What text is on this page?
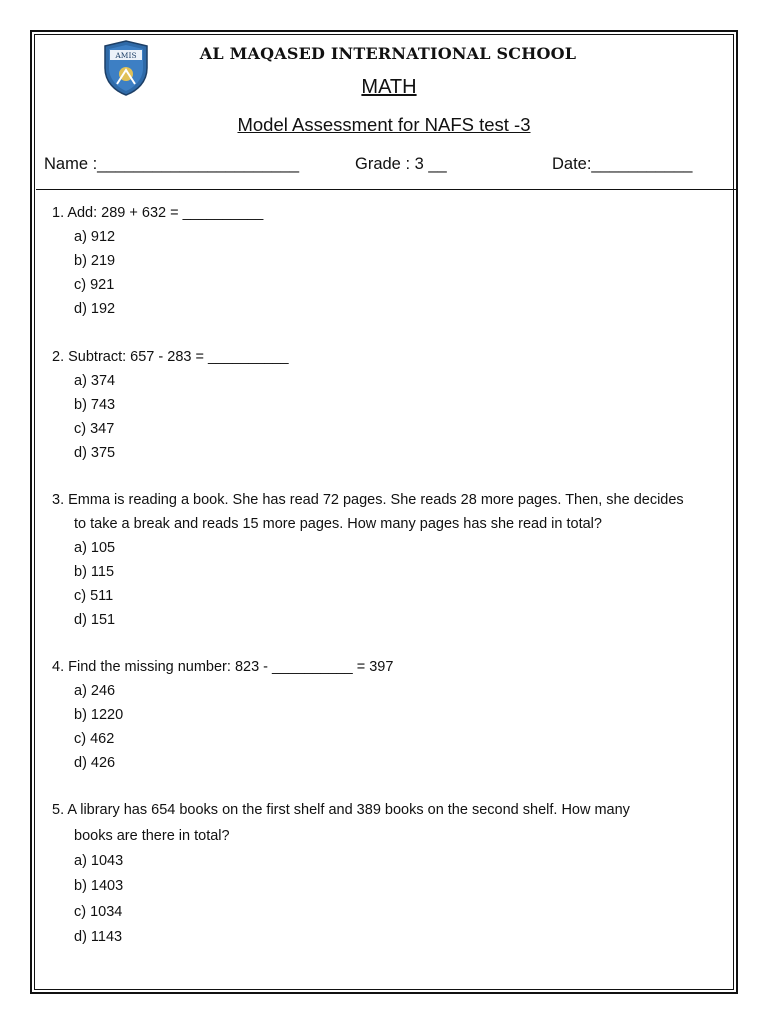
AMIS	AL MAQASED INTERNATIONAL SCHOOL
MATH
Model Assessment for NAFS test -3
Name :______________________	Grade : 3 __	Date:___________
1. Add: 289 + 632 = __________
a) 912
b) 219
c) 921
d) 192
2. Subtract: 657 - 283 = __________
a) 374
b) 743
c) 347
d) 375
3. Emma is reading a book. She has read 72 pages. She reads 28 more pages. Then, she decides
to take a break and reads 15 more pages. How many pages has she read in total?
a) 105
b) 115
c) 511
d) 151
4. Find the missing number: 823 - __________ = 397
a) 246
b) 1220
c) 462
d) 426
5. A library has 654 books on the first shelf and 389 books on the second shelf. How many
books are there in total?
a) 1043
b) 1403
c) 1034
d) 1143
